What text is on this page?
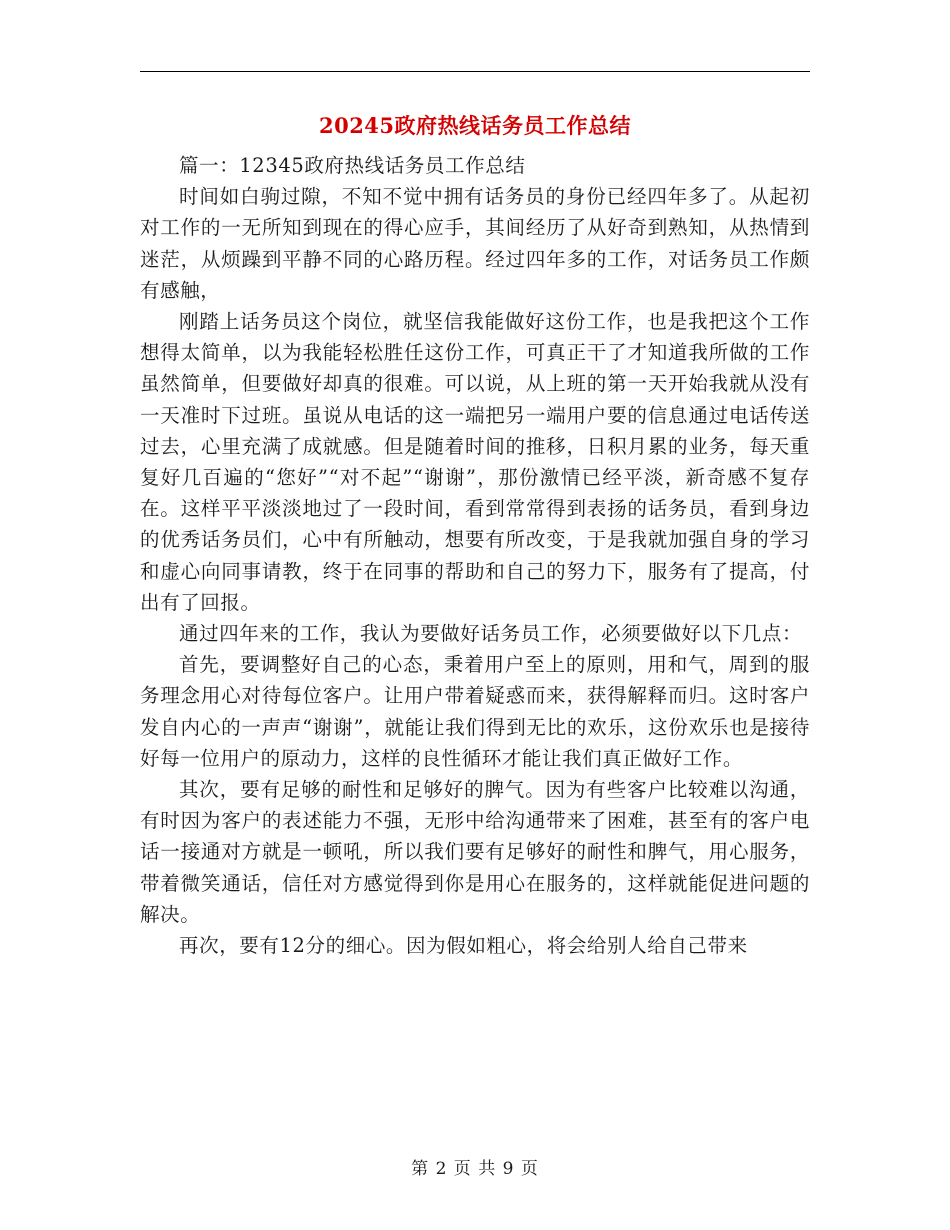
20245政府热线话务员工作总结

篇一：12345政府热线话务员工作总结

时间如白驹过隙，不知不觉中拥有话务员的身份已经四年多了。从起初对工作的一无所知到现在的得心应手，其间经历了从好奇到熟知，从热情到迷茫，从烦躁到平静不同的心路历程。经过四年多的工作，对话务员工作颇有感触，

刚踏上话务员这个岗位，就坚信我能做好这份工作，也是我把这个工作想得太简单，以为我能轻松胜任这份工作，可真正干了才知道我所做的工作虽然简单，但要做好却真的很难。可以说，从上班的第一天开始我就从没有一天准时下过班。虽说从电话的这一端把另一端用户要的信息通过电话传送过去，心里充满了成就感。但是随着时间的推移，日积月累的业务，每天重复好几百遍的“您好”“对不起”“谢谢”，那份激情已经平淡，新奇感不复存在。这样平平淡淡地过了一段时间，看到常常得到表扬的话务员，看到身边的优秀话务员们，心中有所触动，想要有所改变，于是我就加强自身的学习和虚心向同事请教，终于在同事的帮助和自己的努力下，服务有了提高，付出有了回报。

通过四年来的工作，我认为要做好话务员工作，必须要做好以下几点：

首先，要调整好自己的心态，秉着用户至上的原则，用和气，周到的服务理念用心对待每位客户。让用户带着疑惑而来，获得解释而归。这时客户发自内心的一声声“谢谢”，就能让我们得到无比的欢乐，这份欢乐也是接待好每一位用户的原动力，这样的良性循环才能让我们真正做好工作。

其次，要有足够的耐性和足够好的脾气。因为有些客户比较难以沟通，有时因为客户的表述能力不强，无形中给沟通带来了困难，甚至有的客户电话一接通对方就是一顿吼，所以我们要有足够好的耐性和脾气，用心服务，带着微笑通话，信任对方感觉得到你是用心在服务的，这样就能促进问题的解决。

再次，要有12分的细心。因为假如粗心，将会给别人给自己带来

第 2 页 共 9 页
